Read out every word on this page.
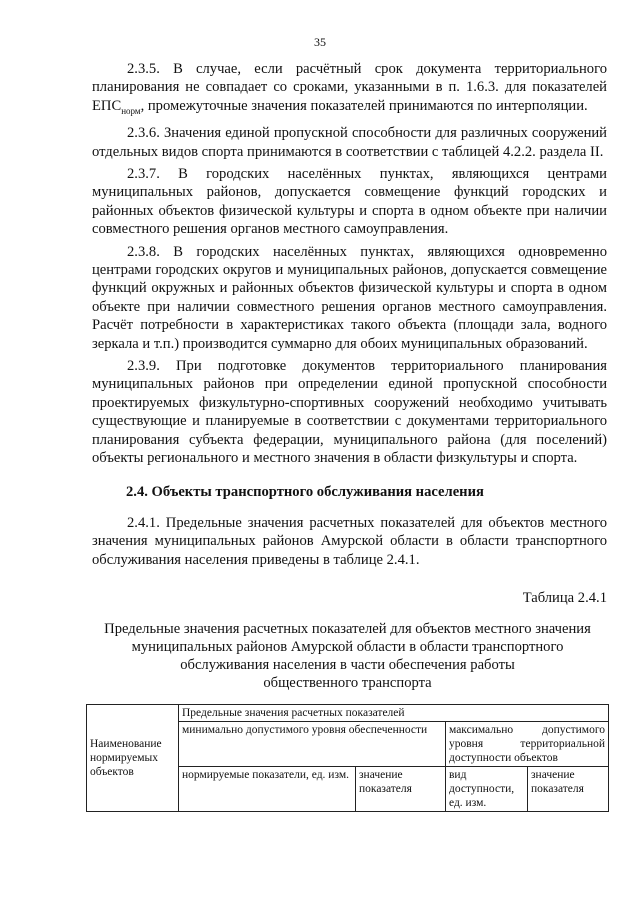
35

2.3.5. В случае, если расчётный срок документа территориального планирования не совпадает со сроками, указанными в п. 1.6.3. для показателей $ЕПС_{норм}$, промежуточные значения показателей принимаются по интерполяции.

2.3.6. Значения единой пропускной способности для различных сооружений отдельных видов спорта принимаются в соответствии с таблицей 4.2.2. раздела II.

2.3.7. В городских населённых пунктах, являющихся центрами муниципальных районов, допускается совмещение функций городских и районных объектов физической культуры и спорта в одном объекте при наличии совместного решения органов местного самоуправления.

2.3.8. В городских населённых пунктах, являющихся одновременно центрами городских округов и муниципальных районов, допускается совмещение функций окружных и районных объектов физической культуры и спорта в одном объекте при наличии совместного решения органов местного самоуправления. Расчёт потребности в характеристиках такого объекта (площади зала, водного зеркала и т.п.) производится суммарно для обоих муниципальных образований.

2.3.9. При подготовке документов территориального планирования муниципальных районов при определении единой пропускной способности проектируемых физкультурно-спортивных сооружений необходимо учитывать существующие и планируемые в соответствии с документами территориального планирования субъекта федерации, муниципального района (для поселений) объекты регионального и местного значения в области физкультуры и спорта.

2.4. Объекты транспортного обслуживания населения

2.4.1. Предельные значения расчетных показателей для объектов местного значения муниципальных районов Амурской области в области транспортного обслуживания населения приведены в таблице 2.4.1.

Таблица 2.4.1
Предельные значения расчетных показателей для объектов местного значения
муниципальных районов Амурской области в области транспортного
обслуживания населения в части обеспечения работы
общественного транспорта
Наименование нормируемых объектов	Предельные значения расчетных показателей			
	минимально допустимого уровня обеспеченности		максимально допустимого уровня территориальной доступности объектов	
	нормируемые показатели, ед. изм.	значение показателя	вид доступности, ед. изм.	значение показателя
